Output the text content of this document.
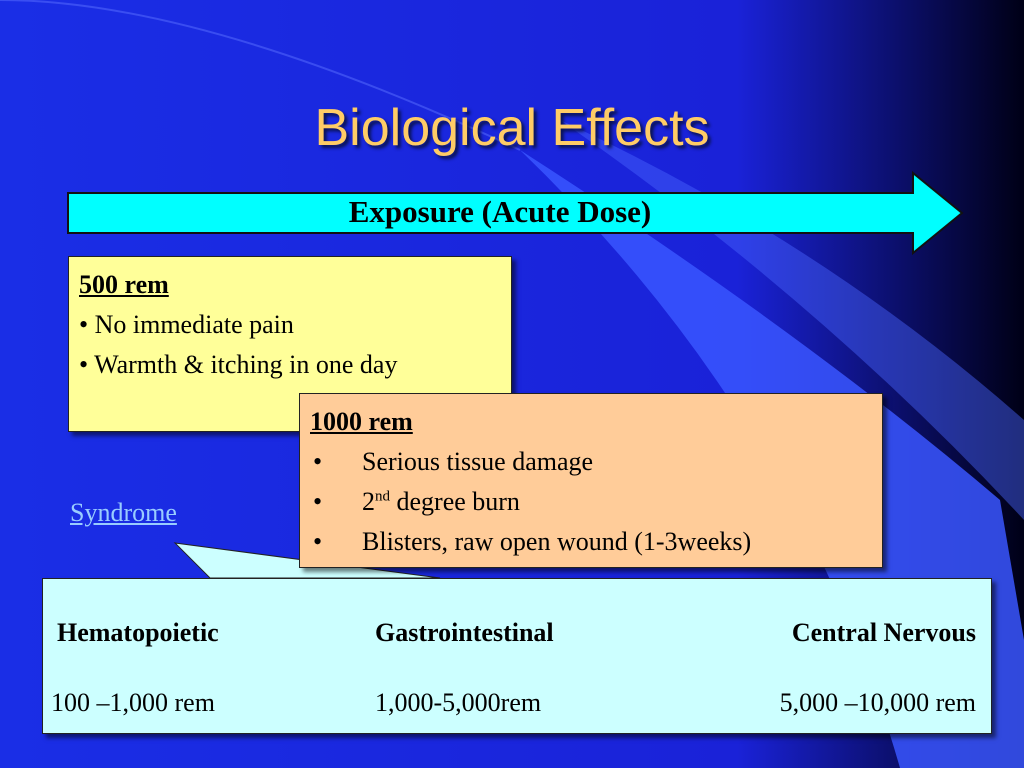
Biological Effects
Exposure (Acute Dose)
500 rem
• No immediate pain
• Warmth & itching in one day
1000 rem
• Serious tissue damage
• 2nd degree burn
• Blisters, raw open wound (1-3weeks)
Syndrome
Hematopoietic	Gastrointestinal	Central Nervous
100 –1,000 rem	1,000-5,000rem	5,000 –10,000 rem
